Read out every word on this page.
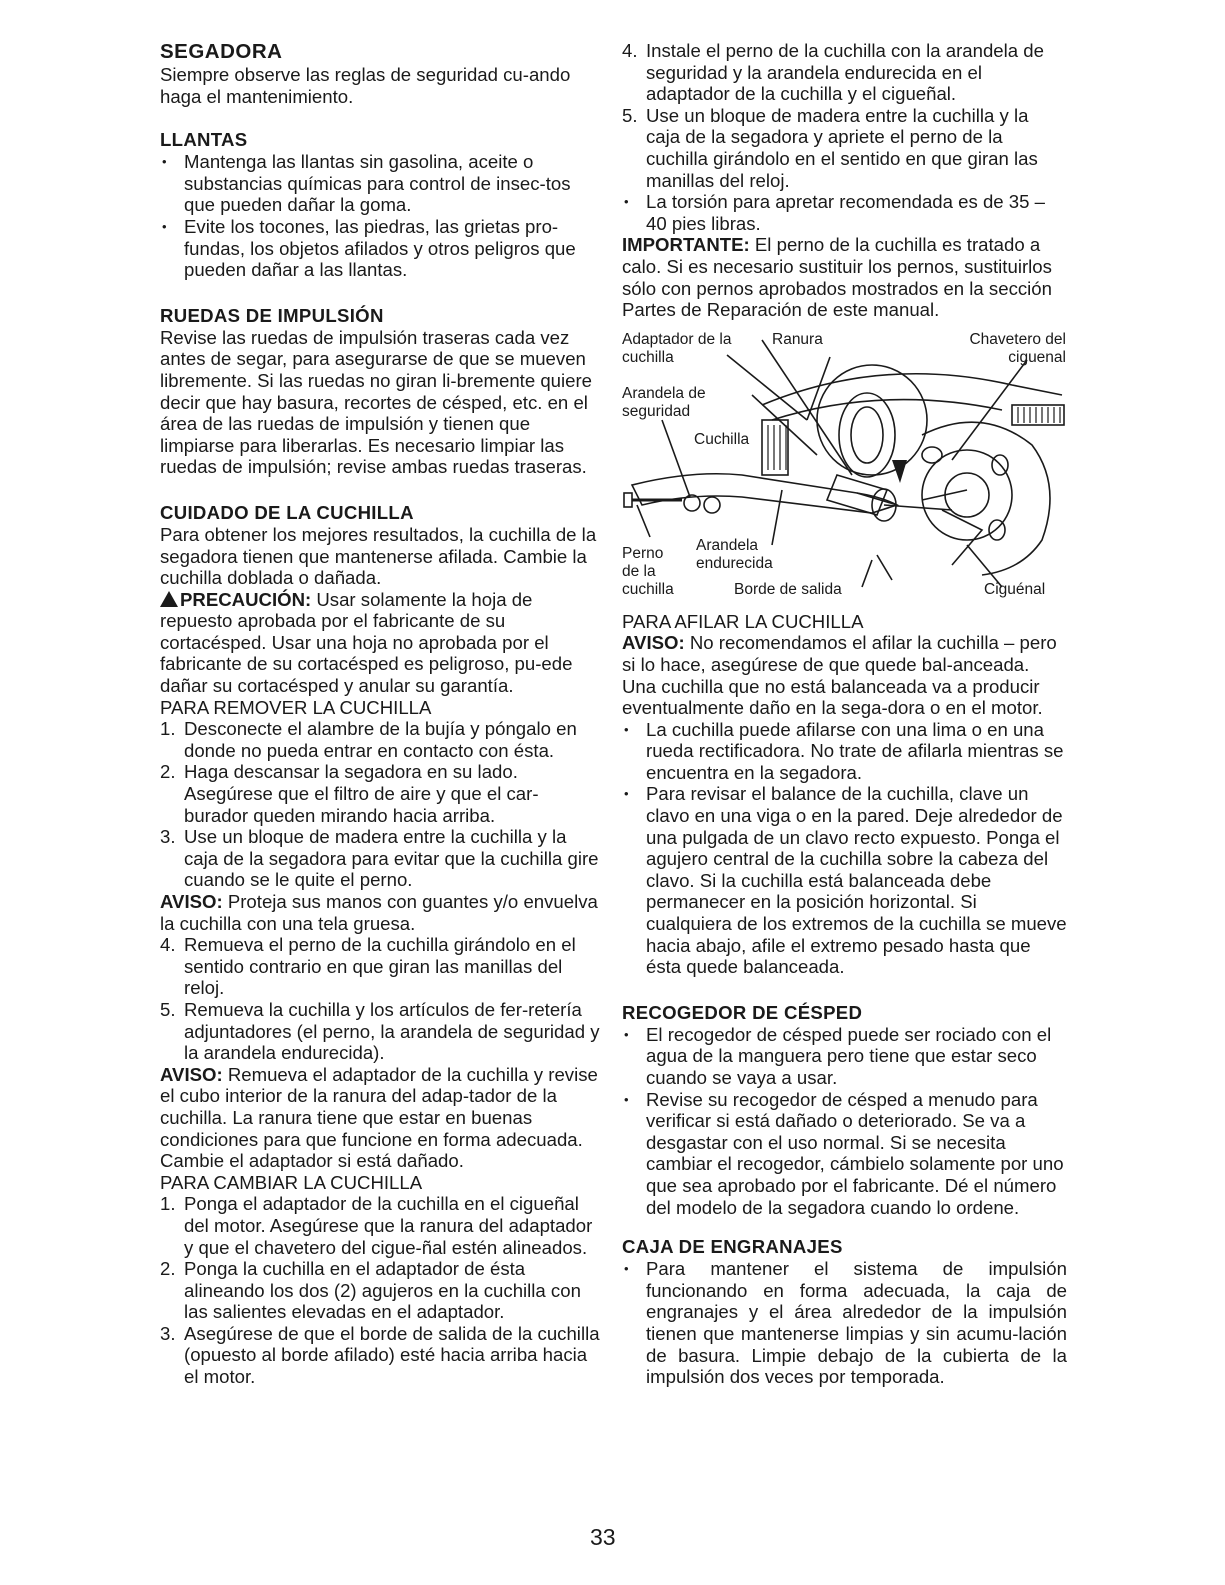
SEGADORA

Siempre observe las reglas de seguridad cu-ando haga el mantenimiento.

LLANTAS
• Mantenga las llantas sin gasolina, aceite o substancias químicas para control de insec-tos que pueden dañar la goma.
• Evite los tocones, las piedras, las grietas pro-fundas, los objetos afilados y otros peligros que pueden dañar a las llantas.
RUEDAS DE IMPULSIÓN

Revise las ruedas de impulsión traseras cada vez antes de segar, para asegurarse de que se mueven libremente. Si las ruedas no giran li-bremente quiere decir que hay basura, recortes de césped, etc. en el área de las ruedas de impulsión y tienen que limpiarse para liberarlas. Es necesario limpiar las ruedas de impulsión; revise ambas ruedas traseras.

CUIDADO DE LA CUCHILLA

Para obtener los mejores resultados, la cuchilla de la segadora tienen que mantenerse afilada. Cambie la cuchilla doblada o dañada.

PRECAUCIÓN: Usar solamente la hoja de repuesto aprobada por el fabricante de su cortacésped. Usar una hoja no aprobada por el fabricante de su cortacésped es peligroso, pu-ede dañar su cortacésped y anular su garantía.

PARA REMOVER LA CUCHILLA

1. Desconecte el alambre de la bujía y póngalo en donde no pueda entrar en contacto con ésta.
2. Haga descansar la segadora en su lado. Asegúrese que el filtro de aire y que el car-burador queden mirando hacia arriba.
3. Use un bloque de madera entre la cuchilla y la caja de la segadora para evitar que la cuchilla gire cuando se le quite el perno.

AVISO: Proteja sus manos con guantes y/o envuelva la cuchilla con una tela gruesa.

4. Remueva el perno de la cuchilla girándolo en el sentido contrario en que giran las manillas del reloj.
5. Remueva la cuchilla y los artículos de fer-retería adjuntadores (el perno, la arandela de seguridad y la arandela endurecida).

AVISO: Remueva el adaptador de la cuchilla y revise el cubo interior de la ranura del adap-tador de la cuchilla. La ranura tiene que estar en buenas condiciones para que funcione en forma adecuada. Cambie el adaptador si está dañado.

PARA CAMBIAR LA CUCHILLA

1. Ponga el adaptador de la cuchilla en el cigueñal del motor. Asegúrese que la ranura del adaptador y que el chavetero del cigue-ñal estén alineados.
2. Ponga la cuchilla en el adaptador de ésta alineando los dos (2) agujeros en la cuchilla con las salientes elevadas en el adaptador.
3. Asegúrese de que el borde de salida de la cuchilla (opuesto al borde afilado) esté hacia arriba hacia el motor.
4. Instale el perno de la cuchilla con la arandela de seguridad y la arandela endurecida en el adaptador de la cuchilla y el cigueñal.
5. Use un bloque de madera entre la cuchilla y la caja de la segadora y apriete el perno de la cuchilla girándolo en el sentido en que giran las manillas del reloj.
• La torsión para apretar recomendada es de 35 – 40 pies libras.

IMPORTANTE: El perno de la cuchilla es tratado a calo. Si es necesario sustituir los pernos, sustituirlos sólo con pernos aprobados mostrados en la sección Partes de Reparación de este manual.

Adaptador de la cuchilla
Ranura	Chavetero del ciguenal
Arandela de seguridad
Cuchilla
Perno de la cuchilla
Arandela endurecida
Borde de salida	Ciguénal

PARA AFILAR LA CUCHILLA

AVISO: No recomendamos el afilar la cuchilla – pero si lo hace, asegúrese de que quede bal-anceada. Una cuchilla que no está balanceada va a producir eventualmente daño en la sega-dora o en el motor.

• La cuchilla puede afilarse con una lima o en una rueda rectificadora. No trate de afilarla mientras se encuentra en la segadora.
• Para revisar el balance de la cuchilla, clave un clavo en una viga o en la pared. Deje alrededor de una pulgada de un clavo recto expuesto. Ponga el agujero central de la cuchilla sobre la cabeza del clavo. Si la cuchilla está balanceada debe permanecer en la posición horizontal. Si cualquiera de los extremos de la cuchilla se mueve hacia abajo, afile el extremo pesado hasta que ésta quede balanceada.
RECOGEDOR DE CÉSPED
• El recogedor de césped puede ser rociado con el agua de la manguera pero tiene que estar seco cuando se vaya a usar.
• Revise su recogedor de césped a menudo para verificar si está dañado o deteriorado. Se va a desgastar con el uso normal. Si se necesita cambiar el recogedor, cámbielo solamente por uno que sea aprobado por el fabricante. Dé el número del modelo de la segadora cuando lo ordene.
CAJA DE ENGRANAJES
• Para mantener el sistema de impulsión funcionando en forma adecuada, la caja de engranajes y el área alrededor de la impulsión tienen que mantenerse limpias y sin acumu-lación de basura. Limpie debajo de la cubierta de la impulsión dos veces por temporada.
33
